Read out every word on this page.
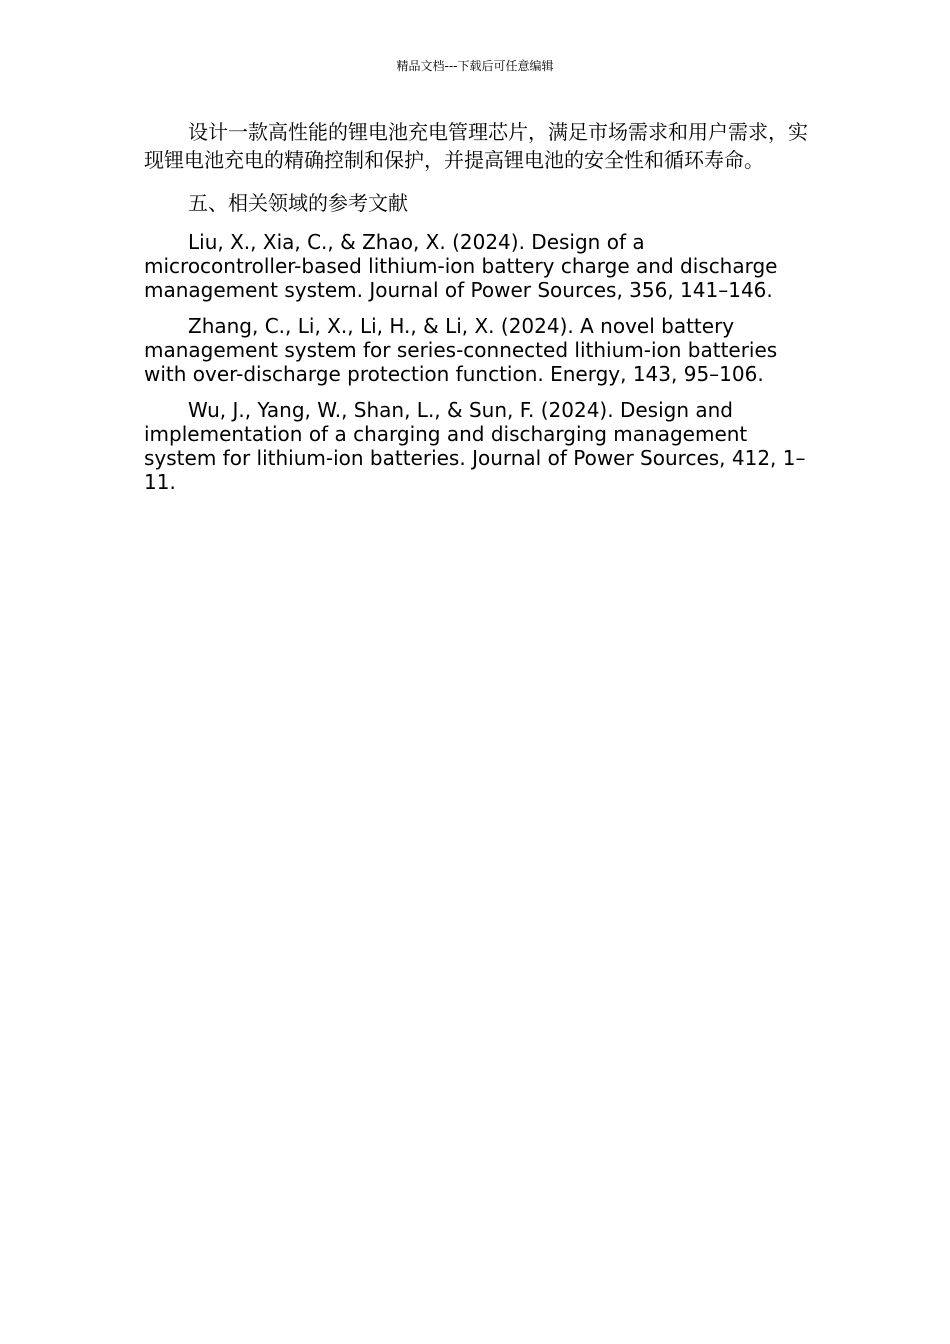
精品文档---下载后可任意编辑

设计一款高性能的锂电池充电管理芯片，满足市场需求和用户需求，实现锂电池充电的精确控制和保护，并提高锂电池的安全性和循环寿命。

五、相关领域的参考文献

Liu, X., Xia, C., & Zhao, X. (2024). Design of a microcontroller-based lithium-ion battery charge and discharge management system. Journal of Power Sources, 356, 141–146.

Zhang, C., Li, X., Li, H., & Li, X. (2024). A novel battery management system for series-connected lithium-ion batteries with over-discharge protection function. Energy, 143, 95–106.

Wu, J., Yang, W., Shan, L., & Sun, F. (2024). Design and implementation of a charging and discharging management system for lithium-ion batteries. Journal of Power Sources, 412, 1–11.
